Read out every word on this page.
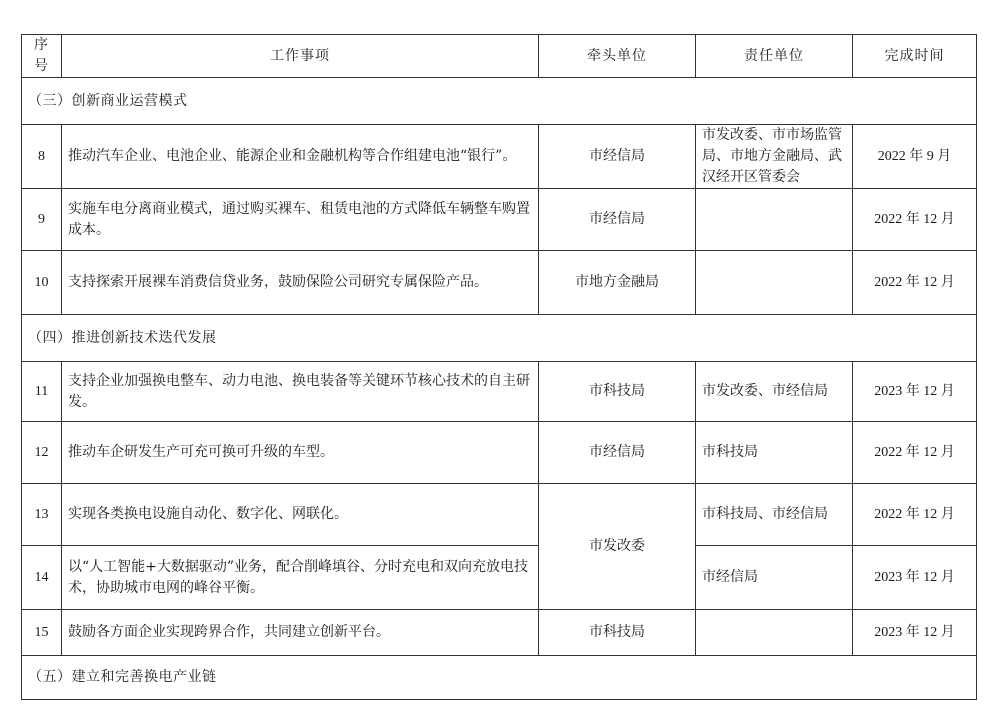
序号	工作事项	牵头单位	责任单位	完成时间
（三）创新商业运营模式				
8	推动汽车企业、电池企业、能源企业和金融机构等合作组建电池“银行”。	市经信局	市发改委、市市场监管局、市地方金融局、武汉经开区管委会	2022 年 9 月
9	实施车电分离商业模式，通过购买裸车、租赁电池的方式降低车辆整车购置成本。	市经信局		2022 年 12 月
10	支持探索开展裸车消费信贷业务，鼓励保险公司研究专属保险产品。	市地方金融局		2022 年 12 月
（四）推进创新技术迭代发展				
11	支持企业加强换电整车、动力电池、换电装备等关键环节核心技术的自主研发。	市科技局	市发改委、市经信局	2023 年 12 月
12	推动车企研发生产可充可换可升级的车型。	市经信局	市科技局	2022 年 12 月
13	实现各类换电设施自动化、数字化、网联化。	市发改委	市科技局、市经信局	2022 年 12 月
14	以“人工智能+大数据驱动”业务，配合削峰填谷、分时充电和双向充放电技术，协助城市电网的峰谷平衡。		市经信局	2023 年 12 月
15	鼓励各方面企业实现跨界合作，共同建立创新平台。	市科技局		2023 年 12 月
（五）建立和完善换电产业链				
